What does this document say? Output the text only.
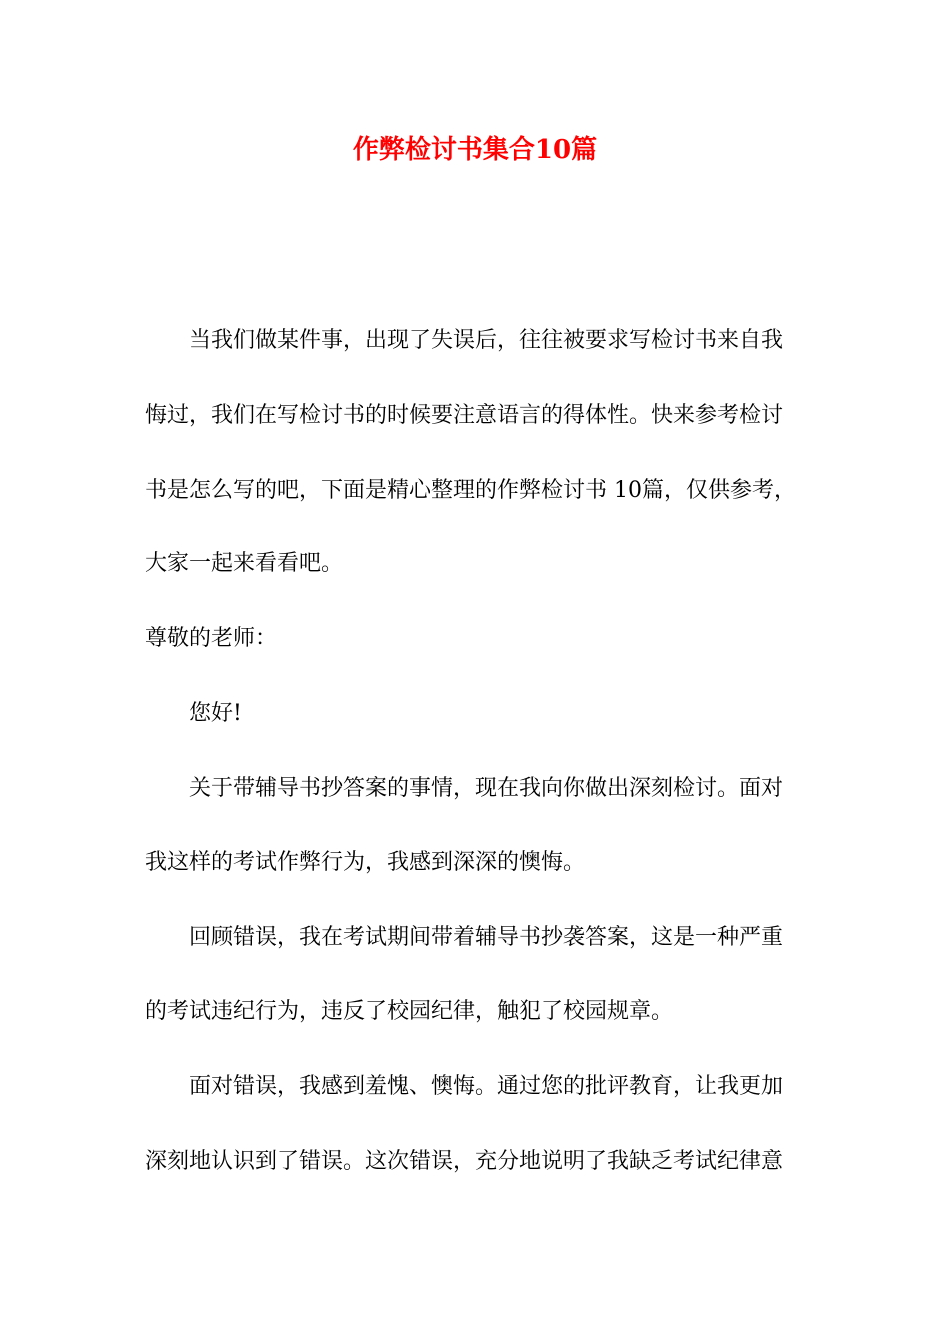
作弊检讨书集合10篇

当我们做某件事，出现了失误后，往往被要求写检讨书来自我

悔过，我们在写检讨书的时候要注意语言的得体性。快来参考检讨

书是怎么写的吧，下面是精心整理的作弊检讨书 10篇，仅供参考，

大家一起来看看吧。

尊敬的老师：

您好!

关于带辅导书抄答案的事情，现在我向你做出深刻检讨。面对

我这样的考试作弊行为，我感到深深的懊悔。

回顾错误，我在考试期间带着辅导书抄袭答案，这是一种严重

的考试违纪行为，违反了校园纪律，触犯了校园规章。

面对错误，我感到羞愧、懊悔。通过您的批评教育，让我更加

深刻地认识到了错误。这次错误，充分地说明了我缺乏考试纪律意
